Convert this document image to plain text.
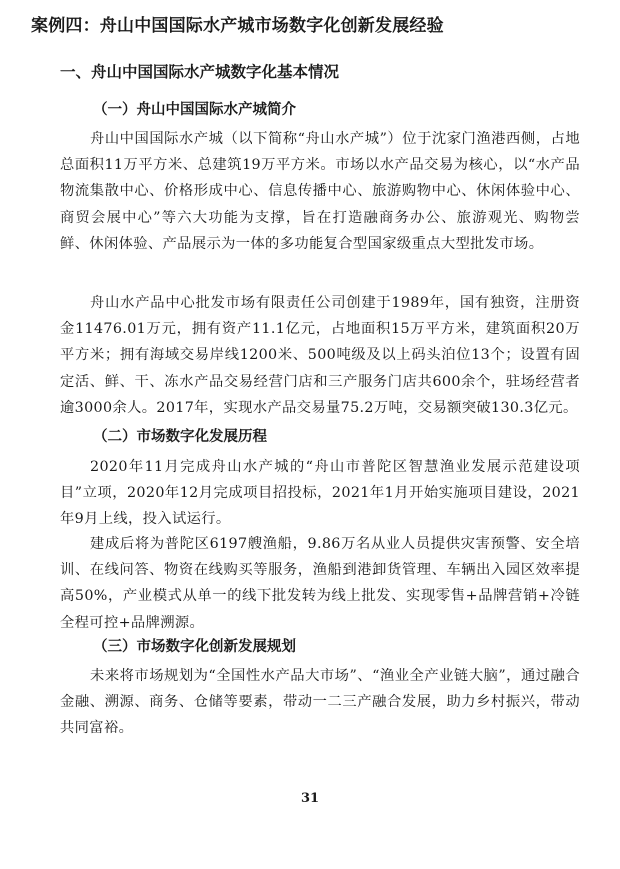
案例四：舟山中国国际水产城市场数字化创新发展经验
一、舟山中国国际水产城数字化基本情况
（一）舟山中国国际水产城简介

舟山中国国际水产城（以下简称“舟山水产城”）位于沈家门渔港西侧，占地总面积11万平方米、总建筑19万平方米。市场以水产品交易为核心，以“水产品物流集散中心、价格形成中心、信息传播中心、旅游购物中心、休闲体验中心、商贸会展中心”等六大功能为支撑，旨在打造融商务办公、旅游观光、购物尝鲜、休闲体验、产品展示为一体的多功能复合型国家级重点大型批发市场。

舟山水产品中心批发市场有限责任公司创建于1989年，国有独资，注册资金11476.01万元，拥有资产11.1亿元，占地面积15万平方米，建筑面积20万平方米；拥有海域交易岸线1200米、500吨级及以上码头泊位13个；设置有固定活、鲜、干、冻水产品交易经营门店和三产服务门店共600余个，驻场经营者逾3000余人。2017年，实现水产品交易量75.2万吨，交易额突破130.3亿元。

（二）市场数字化发展历程

2020年11月完成舟山水产城的“舟山市普陀区智慧渔业发展示范建设项目”立项，2020年12月完成项目招投标，2021年1月开始实施项目建设，2021年9月上线，投入试运行。

建成后将为普陀区6197艘渔船，9.86万名从业人员提供灾害预警、安全培训、在线问答、物资在线购买等服务，渔船到港卸货管理、车辆出入园区效率提高50%，产业模式从单一的线下批发转为线上批发、实现零售+品牌营销+冷链全程可控+品牌溯源。

（三）市场数字化创新发展规划

未来将市场规划为“全国性水产品大市场”、“渔业全产业链大脑”，通过融合金融、溯源、商务、仓储等要素，带动一二三产融合发展，助力乡村振兴，带动共同富裕。

31
